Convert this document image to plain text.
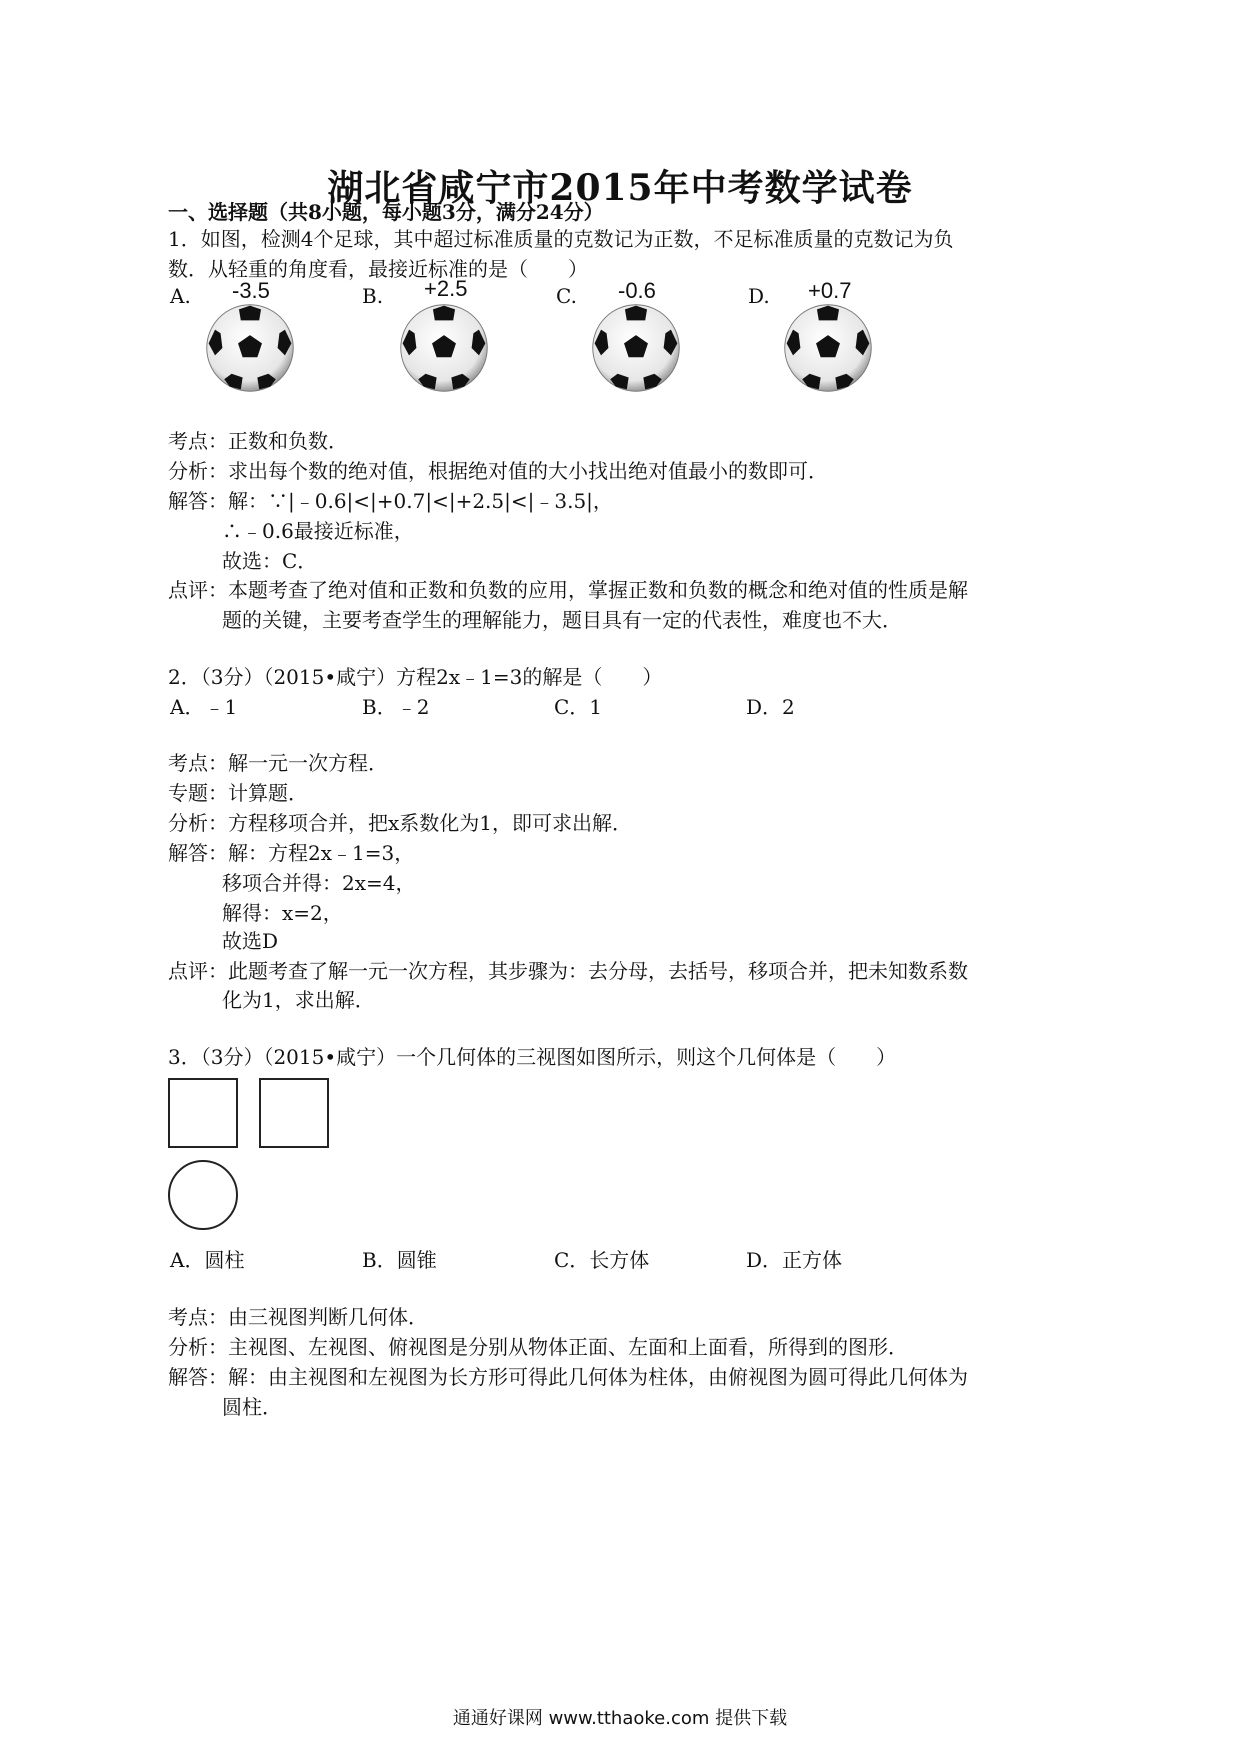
湖北省咸宁市2015年中考数学试卷
一、选择题（共8小题，每小题3分，满分24分）
1．如图，检测4个足球，其中超过标准质量的克数记为正数，不足标准质量的克数记为负
数．从轻重的角度看，最接近标准的是（　　）
A. -3.5	B. +2.5	C. -0.6	D. +0.7
考点：正数和负数．
分析：求出每个数的绝对值，根据绝对值的大小找出绝对值最小的数即可．
解答：解：∵|﹣0.6|<|+0.7|<|+2.5|<|﹣3.5|，
∴﹣0.6最接近标准，
故选：C．
点评：本题考查了绝对值和正数和负数的应用，掌握正数和负数的概念和绝对值的性质是解
题的关键，主要考查学生的理解能力，题目具有一定的代表性，难度也不大．
2．（3分）（2015•咸宁）方程2x﹣1=3的解是（　　）
A．﹣1	B．﹣2	C．1	D．2
考点：解一元一次方程．
专题：计算题．
分析：方程移项合并，把x系数化为1，即可求出解．
解答：解：方程2x﹣1=3，
移项合并得：2x=4，
解得：x=2，
故选D
点评：此题考查了解一元一次方程，其步骤为：去分母，去括号，移项合并，把未知数系数
化为1，求出解．
3．（3分）（2015•咸宁）一个几何体的三视图如图所示，则这个几何体是（　　）
A．圆柱	B．圆锥	C．长方体	D．正方体
考点：由三视图判断几何体．
分析：主视图、左视图、俯视图是分别从物体正面、左面和上面看，所得到的图形．
解答：解：由主视图和左视图为长方形可得此几何体为柱体，由俯视图为圆可得此几何体为
圆柱．
通通好课网 www.tthaoke.com 提供下载
